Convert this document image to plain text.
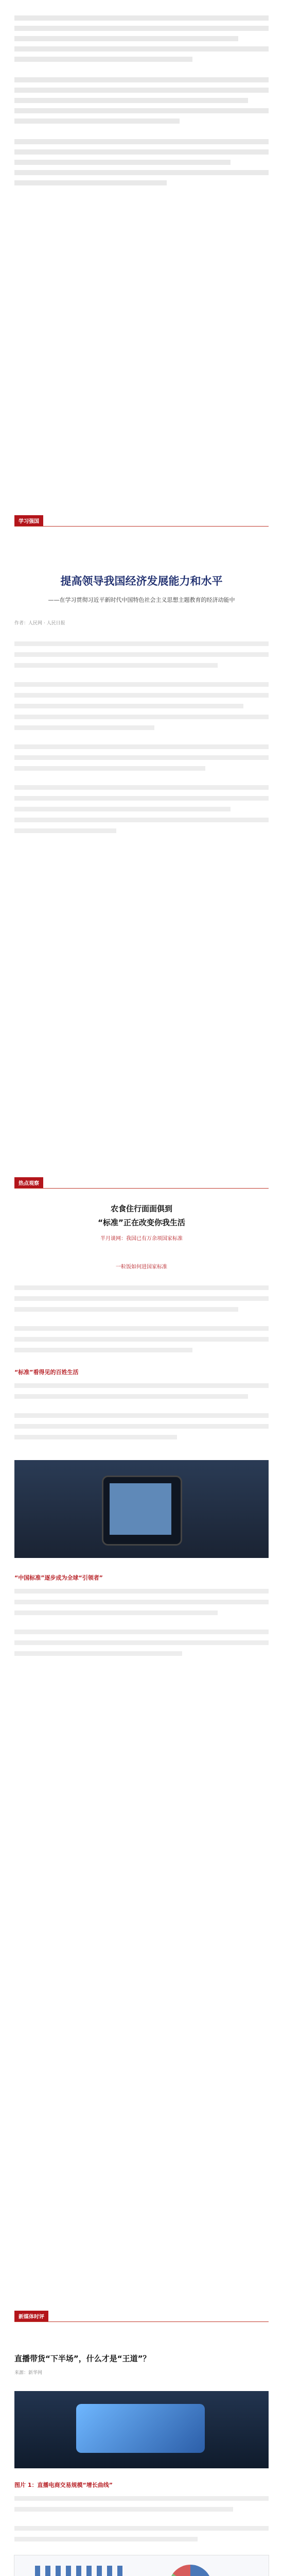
学习强国
提高领导我国经济发展能力和水平
——在学习贯彻习近平新时代中国特色社会主义思想主题教育的经济动能中
作者：人民网 · 人民日报
热点观察
农食住行面面俱到
“标准”正在改变你我生活
半月谈网：我国已有万余项国家标准
一粒饭如何进国家标准
“标准”看得见的百姓生活
“中国标准”逐步成为全球“引领者”
新媒体时评
直播带货“下半场”，什么才是“王道”？
来源：新华网
图片 1：直播电商交易规模“增长曲线”
